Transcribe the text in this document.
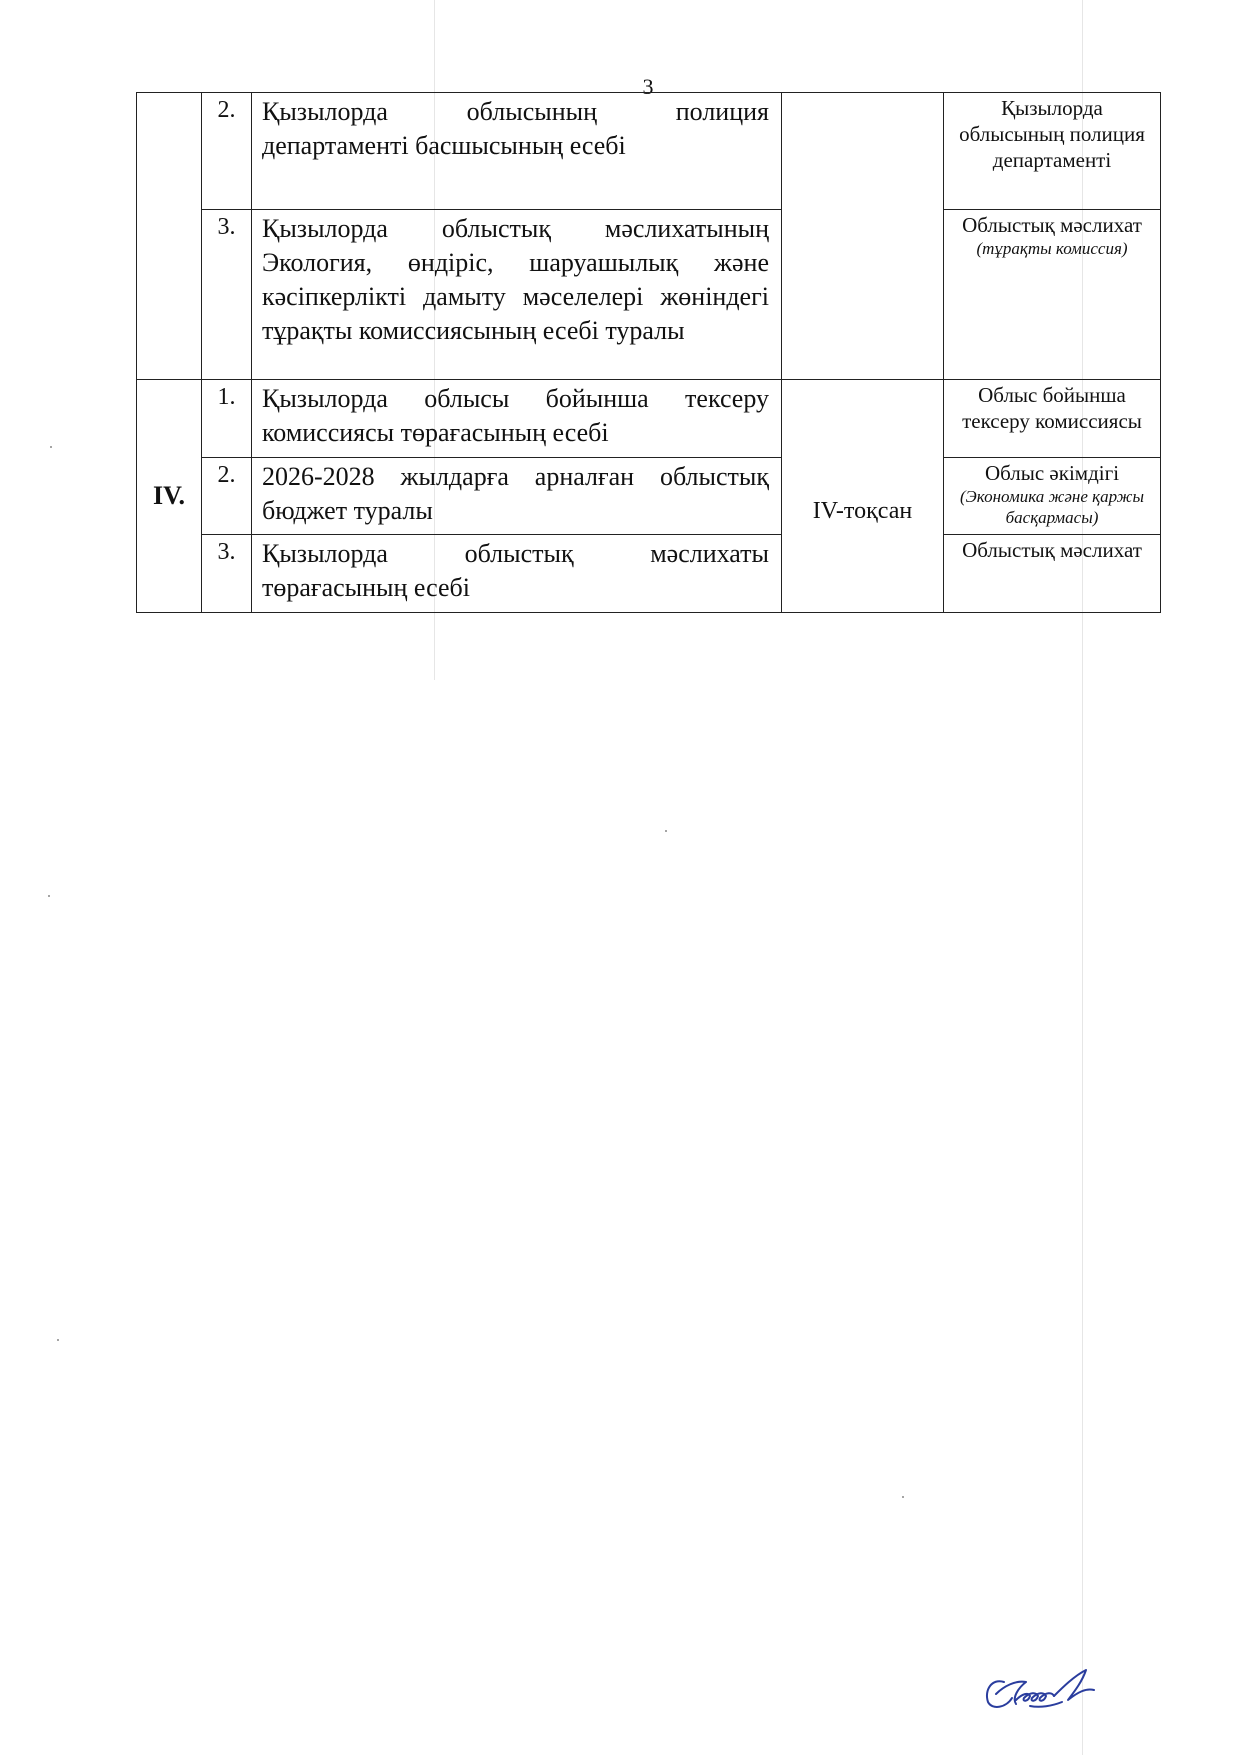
3
	2.	Қызылорда облысының полиция департаменті басшысының есебі		Қызылорда облысының полиция департаменті
	3.	Қызылорда облыстық мәслихатының Экология, өндіріс, шаруашылық және кәсіпкерлікті дамыту мәселелері жөніндегі тұрақты комиссиясының есебі туралы		Облыстық мәслихат
(тұрақты комиссия)

IV.	1.	Қызылорда облысы бойынша тексеру комиссиясы төрағасының есебі	IV-тоқсан	Облыс бойынша тексеру комиссиясы
	2.	2026-2028 жылдарға арналған облыстық бюджет туралы		Облыс әкімдігі
(Экономика және қаржы басқармасы)

	3.	Қызылорда облыстық мәслихаты төрағасының есебі		Облыстық мәслихат
